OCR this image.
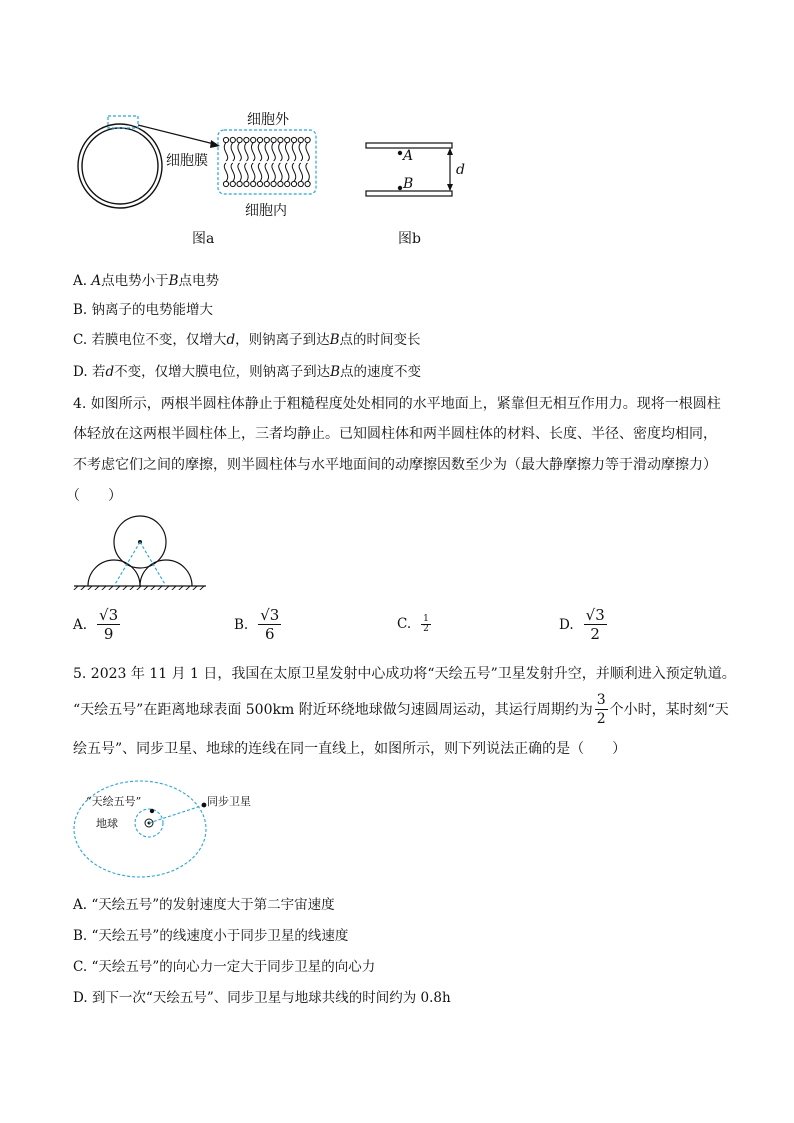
细胞外
细胞膜
细胞内
图a
A
B
d
图b
A. A点电势小于B点电势
B. 钠离子的电势能增大
C. 若膜电位不变，仅增大d，则钠离子到达B点的时间变长
D. 若d不变，仅增大膜电位，则钠离子到达B点的速度不变
4. 如图所示，两根半圆柱体静止于粗糙程度处处相同的水平地面上，紧靠但无相互作用力。现将一根圆柱
体轻放在这两根半圆柱体上，三者均静止。已知圆柱体和两半圆柱体的材料、长度、半径、密度均相同，
不考虑它们之间的摩擦，则半圆柱体与水平地面间的动摩擦因数至少为（最大静摩擦力等于滑动摩擦力）
（　　）
A. $\frac{√3}{9}$	B. $\frac{√3}{6}$	C. $\frac{1}{2}$	D. $\frac{√3}{2}$
5. 2023 年 11 月 1 日，我国在太原卫星发射中心成功将“天绘五号”卫星发射升空，并顺利进入预定轨道。
“天绘五号”在距离地球表面 500km 附近环绕地球做匀速圆周运动，其运行周期约为 $\frac{3}{2}$ 个小时，某时刻“天
绘五号”、同步卫星、地球的连线在同一直线上，如图所示，则下列说法正确的是（　　）
“天绘五号”	同步卫星
地球
A. “天绘五号”的发射速度大于第二宇宙速度
B. “天绘五号”的线速度小于同步卫星的线速度
C. “天绘五号”的向心力一定大于同步卫星的向心力
D. 到下一次“天绘五号”、同步卫星与地球共线的时间约为 0.8h
